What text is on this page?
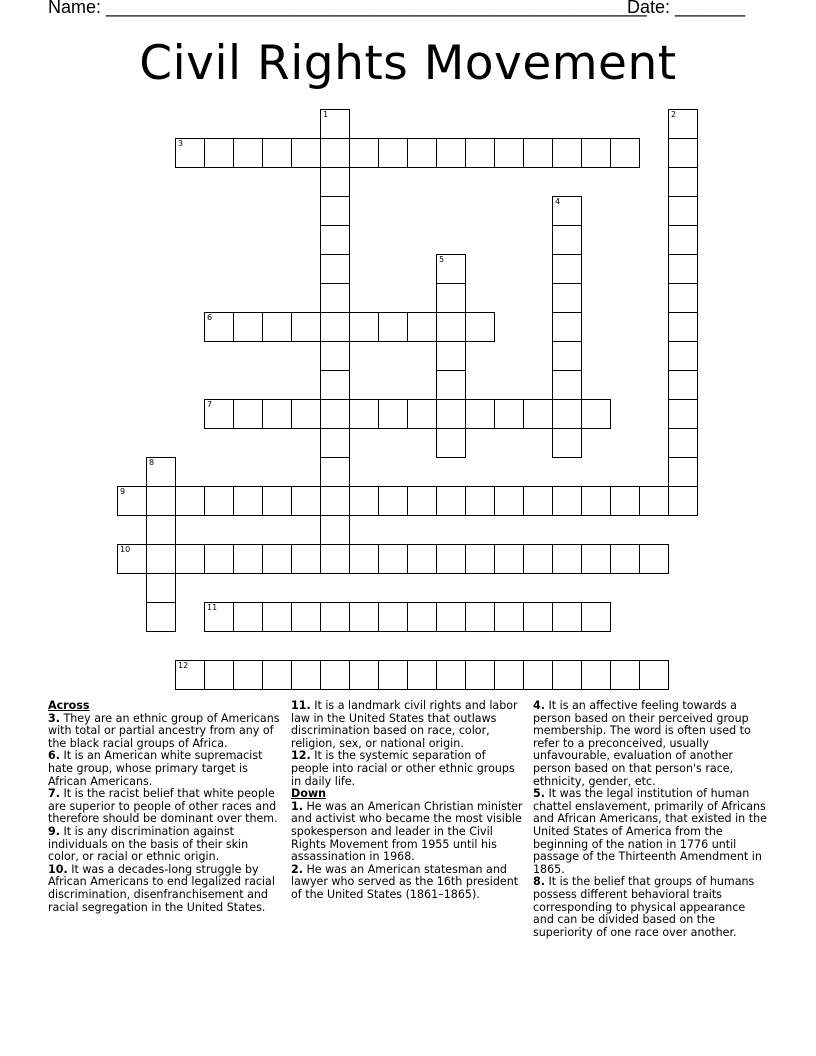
Name: ______________________________________________________
Date: _______
Civil Rights Movement
1	2
3
4
5
6
7
8
9
10
11
12
Across
3. They are an ethnic group of Americans with total or partial ancestry from any of the black racial groups of Africa.
6. It is an American white supremacist hate group, whose primary target is African Americans.
7. It is the racist belief that white people are superior to people of other races and therefore should be dominant over them.
9. It is any discrimination against individuals on the basis of their skin color, or racial or ethnic origin.
10. It was a decades-long struggle by African Americans to end legalized racial discrimination, disenfranchisement and racial segregation in the United States.
11. It is a landmark civil rights and labor law in the United States that outlaws discrimination based on race, color, religion, sex, or national origin.
12. It is the systemic separation of people into racial or other ethnic groups in daily life.
Down
1. He was an American Christian minister and activist who became the most visible spokesperson and leader in the Civil Rights Movement from 1955 until his assassination in 1968.
2. He was an American statesman and lawyer who served as the 16th president of the United States (1861–1865).
4. It is an affective feeling towards a person based on their perceived group membership. The word is often used to refer to a preconceived, usually unfavourable, evaluation of another person based on that person's race, ethnicity, gender, etc.
5. It was the legal institution of human chattel enslavement, primarily of Africans and African Americans, that existed in the United States of America from the beginning of the nation in 1776 until passage of the Thirteenth Amendment in 1865.
8. It is the belief that groups of humans possess different behavioral traits corresponding to physical appearance and can be divided based on the superiority of one race over another.
